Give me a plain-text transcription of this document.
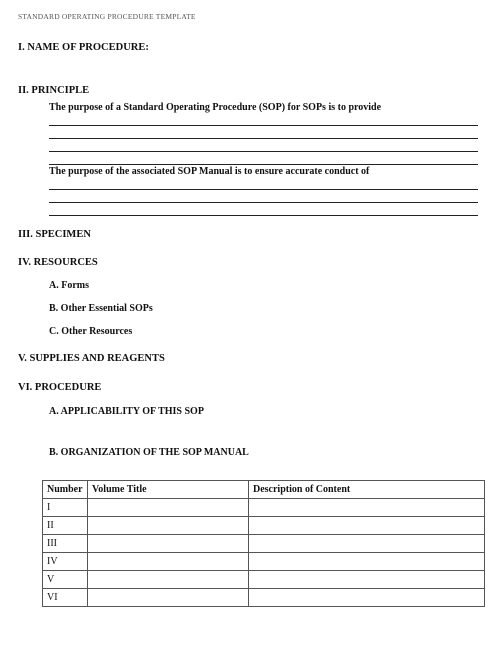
STANDARD OPERATING PROCEDURE TEMPLATE
I. NAME OF PROCEDURE:
II. PRINCIPLE
The purpose of a Standard Operating Procedure (SOP) for SOPs is to provide
The purpose of the associated SOP Manual is to ensure accurate conduct of
III. SPECIMEN
IV. RESOURCES
A. Forms
B. Other Essential SOPs
C. Other Resources
V. SUPPLIES AND REAGENTS
VI. PROCEDURE
A. APPLICABILITY OF THIS SOP
B. ORGANIZATION OF THE SOP MANUAL
Number	Volume Title	Description of Content
I		
II		
III		
IV		
V		
VI		
